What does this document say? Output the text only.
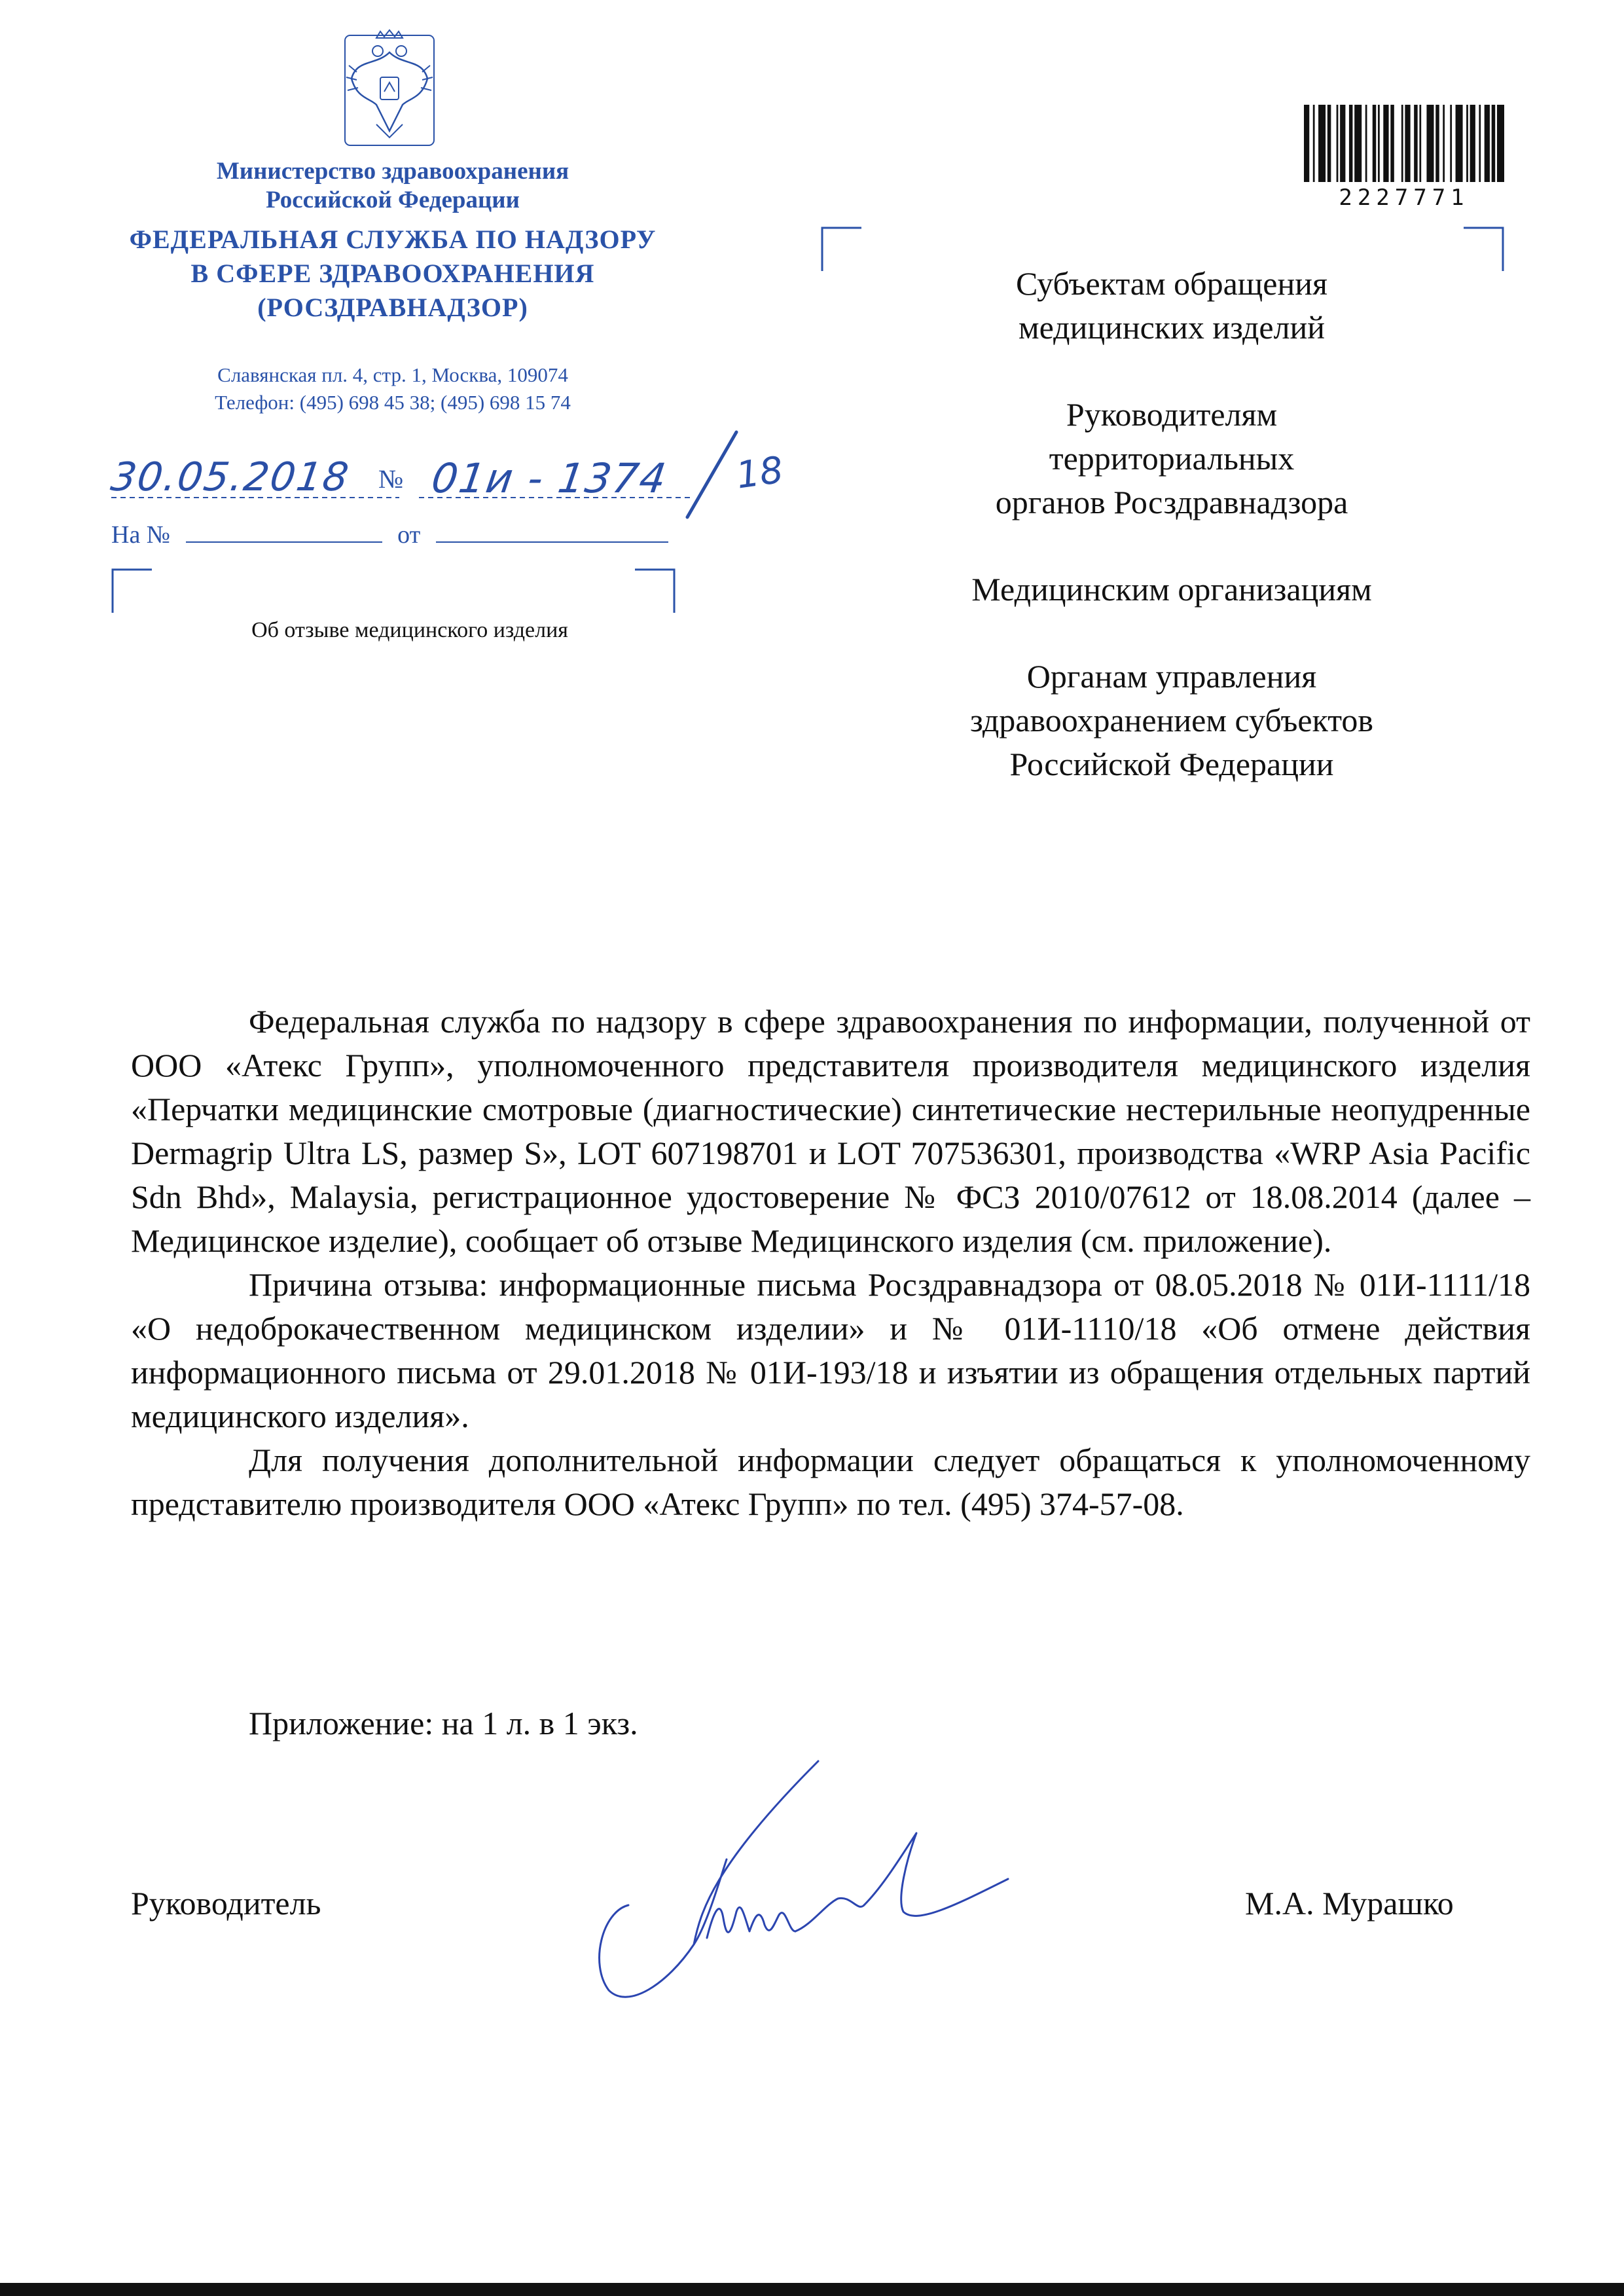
Министерство здравоохранения
Российской Федерации
ФЕДЕРАЛЬНАЯ СЛУЖБА ПО НАДЗОРУ
В СФЕРЕ ЗДРАВООХРАНЕНИЯ
(РОСЗДРАВНАДЗОР)
Славянская пл. 4, стр. 1, Москва, 109074
Телефон: (495) 698 45 38; (495) 698 15 74
30.05.2018 № 01и - 1374 18
На №	от
Об отзыве медицинского изделия
2227771

Субъектам обращения
медицинских изделий

Руководителям
территориальных
органов Росздравнадзора

Медицинским организациям

Органам управления
здравоохранением субъектов
Российской Федерации

Федеральная служба по надзору в сфере здравоохранения по информации, полученной от ООО «Атекс Групп», уполномоченного представителя производителя медицинского изделия «Перчатки медицинские смотровые (диагностические) синтетические нестерильные неопудренные Dermagrip Ultra LS, размер S», LOT 607198701 и LOT 707536301, производства «WRP Asia Pacific Sdn Bhd», Malaysia, регистрационное удостоверение № ФСЗ 2010/07612 от 18.08.2014 (далее – Медицинское изделие), сообщает об отзыве Медицинского изделия (см. приложение).

Причина отзыва: информационные письма Росздравнадзора от 08.05.2018 № 01И-1111/18 «О недоброкачественном медицинском изделии» и № 01И-1110/18 «Об отмене действия информационного письма от 29.01.2018 № 01И-193/18 и изъятии из обращения отдельных партий медицинского изделия».

Для получения дополнительной информации следует обращаться к уполномоченному представителю производителя ООО «Атекс Групп» по тел. (495) 374-57-08.

Приложение: на 1 л. в 1 экз.
Руководитель	М.А. Мурашко
